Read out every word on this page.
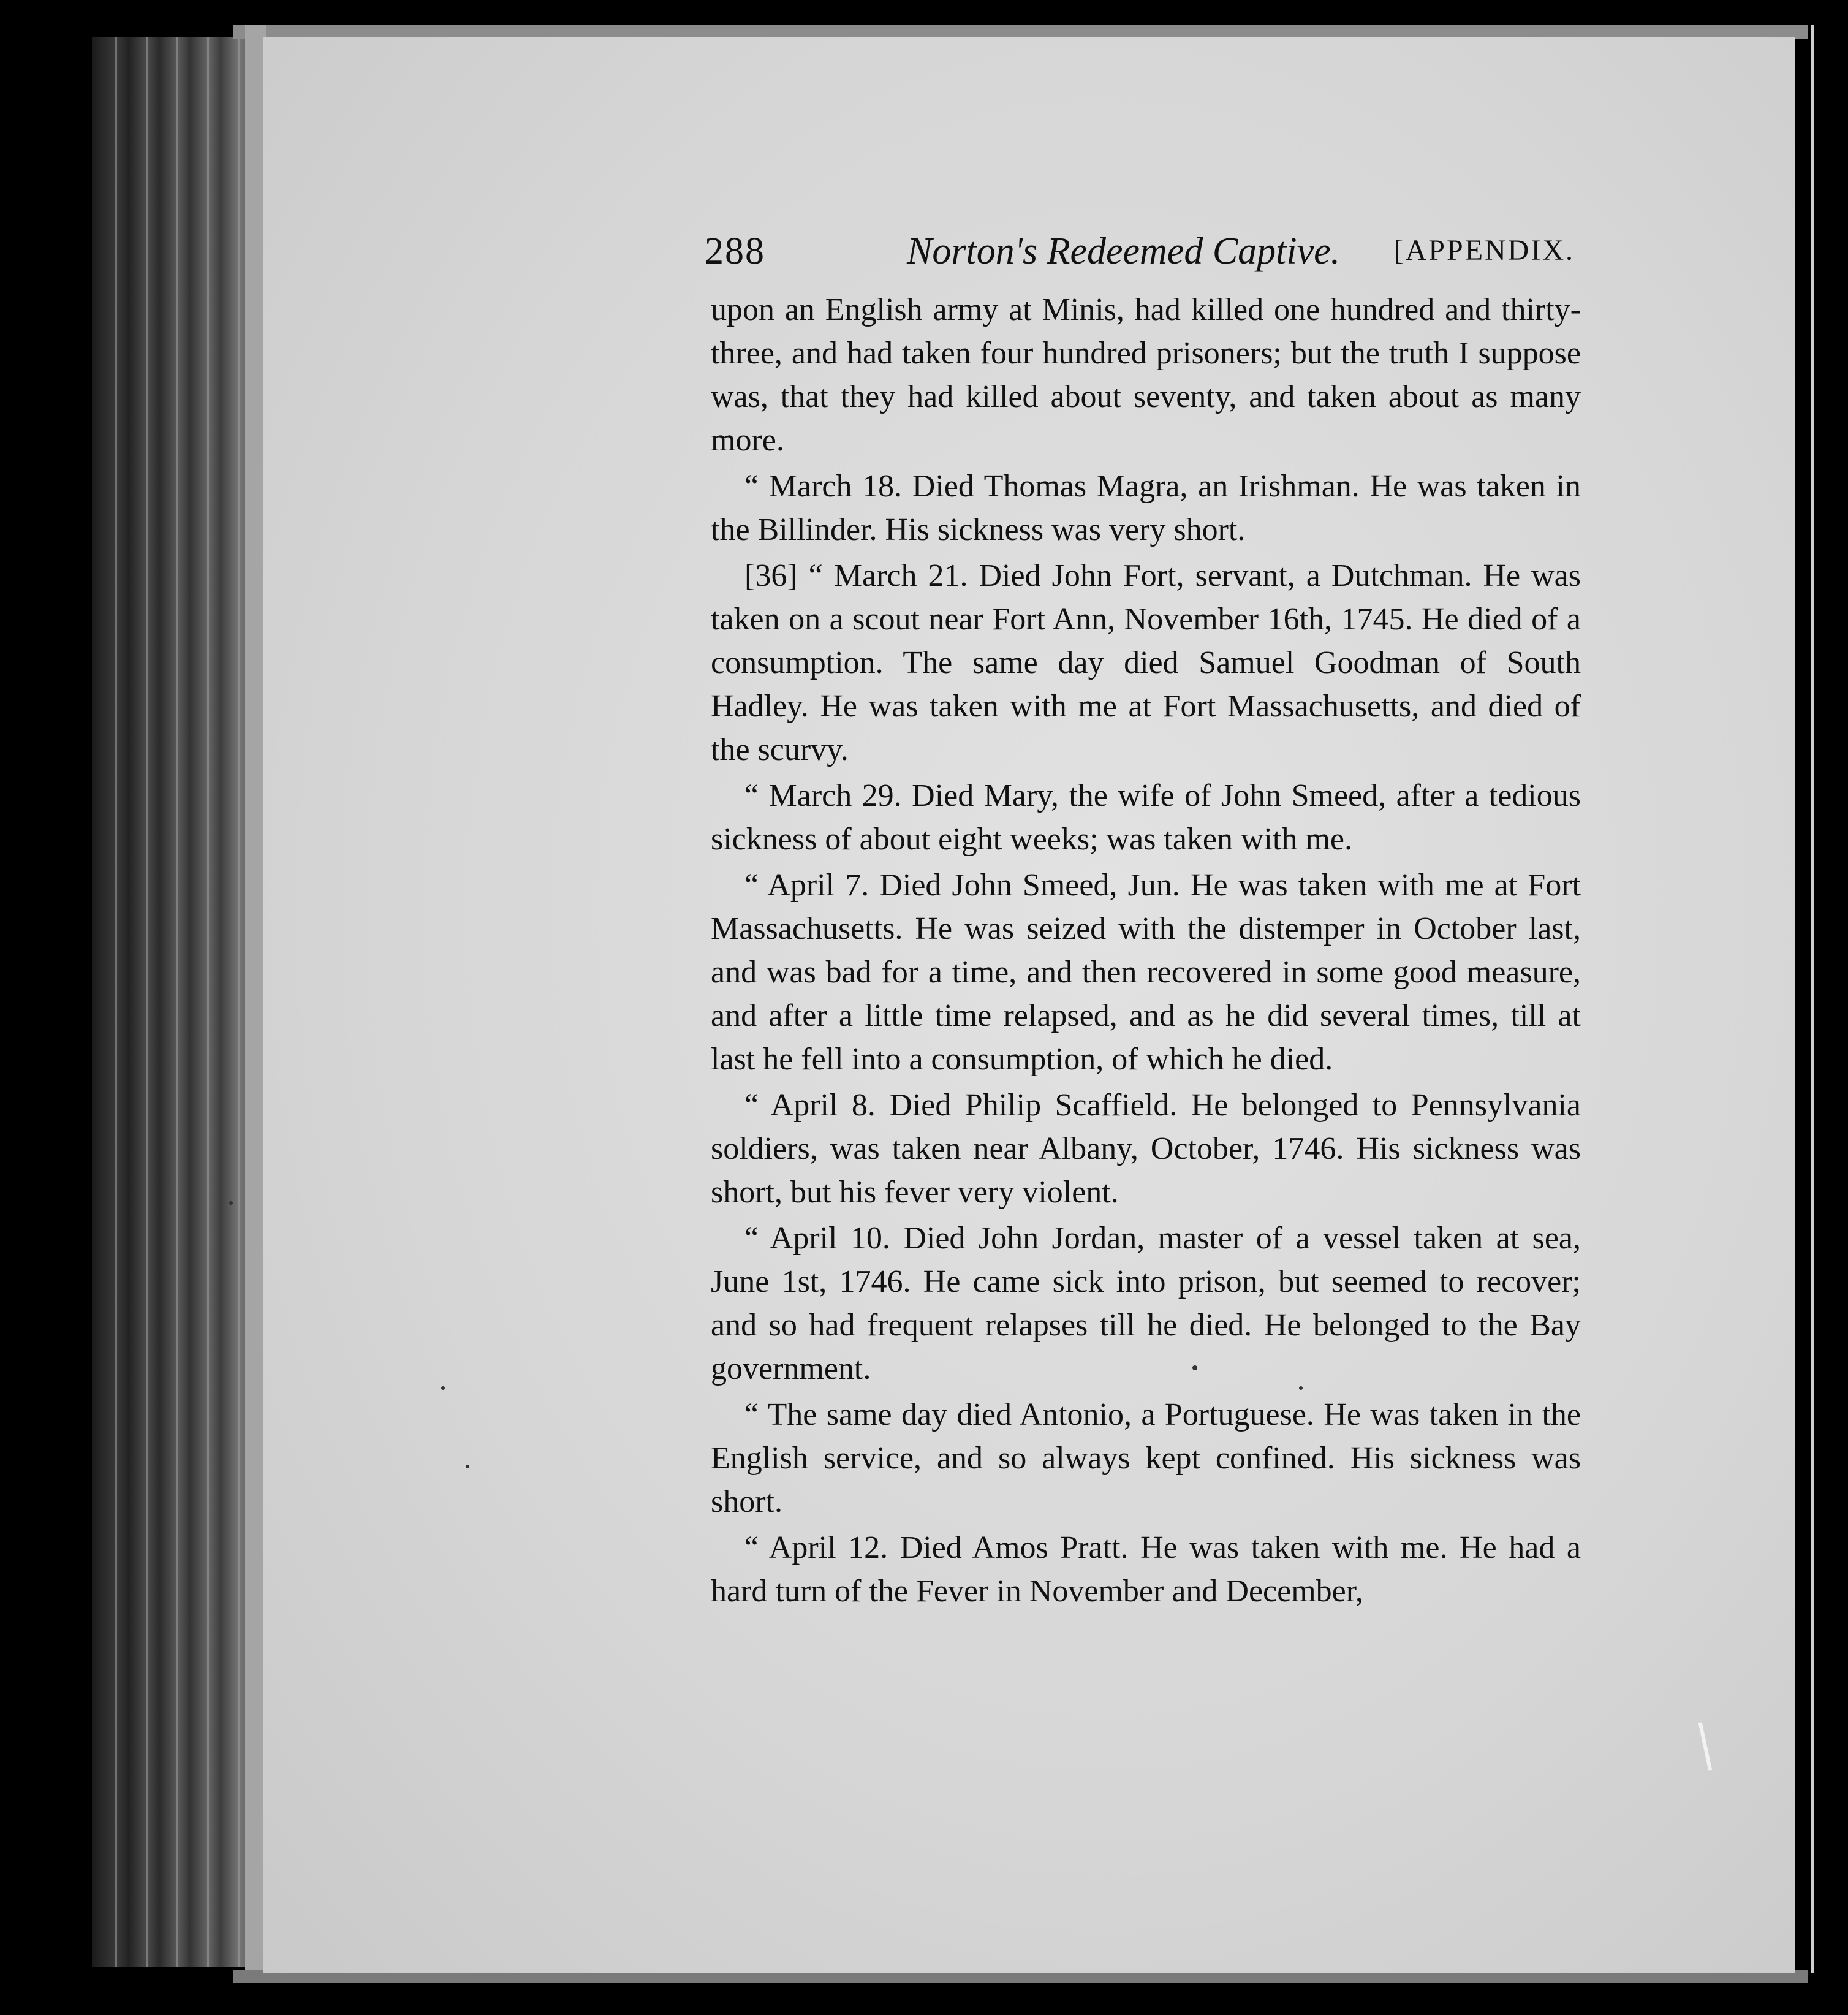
288	Norton's Redeemed Captive. [APPENDIX.

upon an English army at Minis, had killed one hundred and thirty-three, and had taken four hundred prisoners; but the truth I suppose was, that they had killed about seventy, and taken about as many more.

“ March 18. Died Thomas Magra, an Irishman. He was taken in the Billinder. His sickness was very short.

[36] “ March 21. Died John Fort, servant, a Dutchman. He was taken on a scout near Fort Ann, November 16th, 1745. He died of a consumption. The same day died Samuel Goodman of South Hadley. He was taken with me at Fort Massachusetts, and died of the scurvy.

“ March 29. Died Mary, the wife of John Smeed, after a tedious sickness of about eight weeks; was taken with me.

“ April 7. Died John Smeed, Jun. He was taken with me at Fort Massachusetts. He was seized with the distemper in October last, and was bad for a time, and then recovered in some good measure, and after a little time relapsed, and as he did several times, till at last he fell into a consumption, of which he died.

“ April 8. Died Philip Scaffield. He belonged to Pennsylvania soldiers, was taken near Albany, October, 1746. His sickness was short, but his fever very violent.

“ April 10. Died John Jordan, master of a vessel taken at sea, June 1st, 1746. He came sick into prison, but seemed to recover; and so had frequent relapses till he died. He belonged to the Bay government.

“ The same day died Antonio, a Portuguese. He was taken in the English service, and so always kept confined. His sickness was short.

“ April 12. Died Amos Pratt. He was taken with me. He had a hard turn of the Fever in November and December,
